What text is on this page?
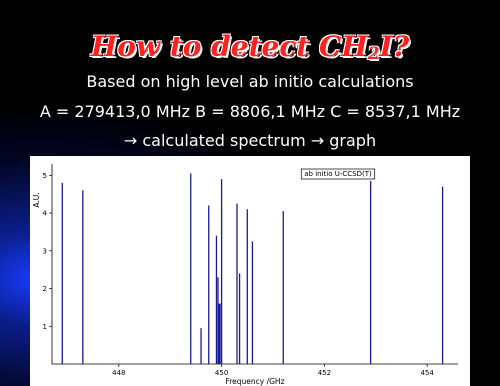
How to detect CH2I?
Based on high level ab initio calculations
A = 279413,0 MHz B = 8806,1 MHz C = 8537,1 MHz
→ calculated spectrum → graph
1
2
3
4
5
448	450	452	454
A.U.
Frequency /GHz
ab initio U-CCSD(T)
